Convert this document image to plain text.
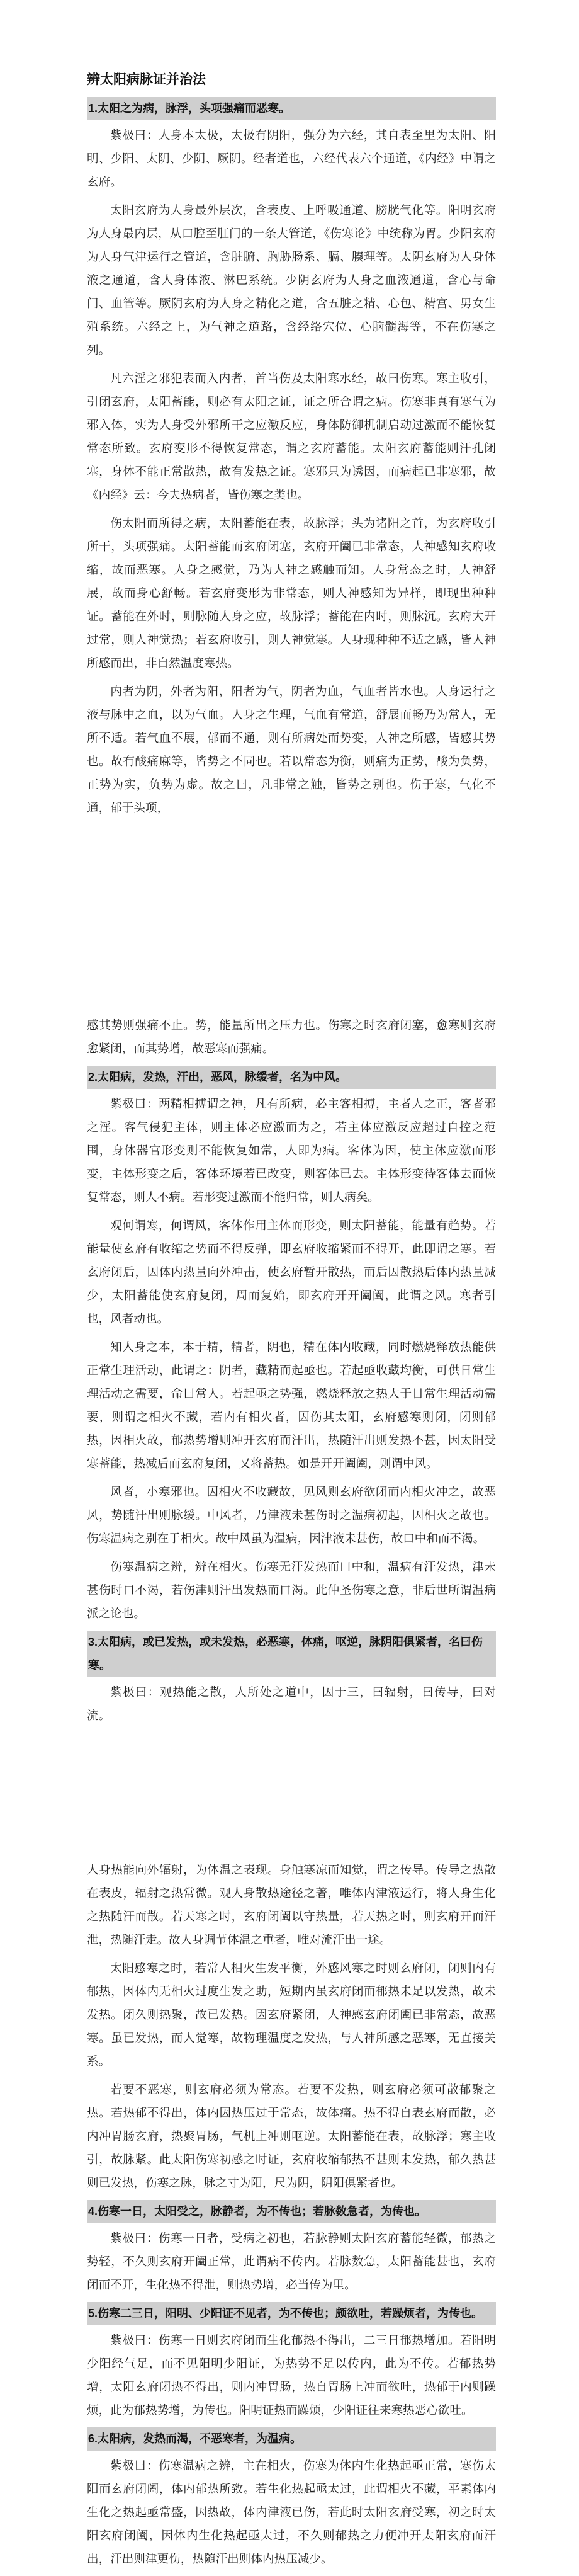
辨太阳病脉证并治法
1.太阳之为病，脉浮，头项强痛而恶寒。

紫极曰：人身本太极，太极有阴阳，强分为六经，其自表至里为太阳、阳明、少阳、太阴、少阴、厥阴。经者道也，六经代表六个通道，《内经》中谓之玄府。

太阳玄府为人身最外层次，含表皮、上呼吸通道、膀胱气化等。阳明玄府为人身最内层，从口腔至肛门的一条大管道，《伤寒论》中统称为胃。少阳玄府为人身气津运行之管道，含脏腑、胸胁肠系、膈、腠理等。太阴玄府为人身体液之通道，含人身体液、淋巴系统。少阴玄府为人身之血液通道，含心与命门、血管等。厥阴玄府为人身之精化之道，含五脏之精、心包、精宫、男女生殖系统。六经之上，为气神之道路，含经络穴位、心脑髓海等，不在伤寒之列。

凡六淫之邪犯表而入内者，首当伤及太阳寒水经，故曰伤寒。寒主收引，引闭玄府，太阳蓄能，则必有太阳之证，证之所合谓之病。伤寒非真有寒气为邪入体，实为人身受外邪所干之应激反应，身体防御机制启动过激而不能恢复常态所致。玄府变形不得恢复常态，谓之玄府蓄能。太阳玄府蓄能则汗孔闭塞，身体不能正常散热，故有发热之证。寒邪只为诱因，而病起已非寒邪，故《内经》云：今夫热病者，皆伤寒之类也。

伤太阳而所得之病，太阳蓄能在表，故脉浮；头为诸阳之首，为玄府收引所干，头项强痛。太阳蓄能而玄府闭塞，玄府开阖已非常态，人神感知玄府收缩，故而恶寒。人身之感觉，乃为人神之感触而知。人身常态之时，人神舒展，故而身心舒畅。若玄府变形为非常态，则人神感知为异样，即现出种种证。蓄能在外时，则脉随人身之应，故脉浮；蓄能在内时，则脉沉。玄府大开过常，则人神觉热；若玄府收引，则人神觉寒。人身现种种不适之感，皆人神所感而出，非自然温度寒热。

内者为阴，外者为阳，阳者为气，阴者为血，气血者皆水也。人身运行之液与脉中之血，以为气血。人身之生理，气血有常道，舒展而畅乃为常人，无所不适。若气血不展，郁而不通，则有所病处而势变，人神之所感，皆感其势也。故有酸痛麻等，皆势之不同也。若以常态为衡，则痛为正势，酸为负势，正势为实，负势为虚。故之曰，凡非常之触，皆势之别也。伤于寒，气化不通，郁于头项，

感其势则强痛不止。势，能量所出之压力也。伤寒之时玄府闭塞，愈寒则玄府愈紧闭，而其势增，故恶寒而强痛。

2.太阳病，发热，汗出，恶风，脉缓者，名为中风。

紫极曰：两精相搏谓之神，凡有所病，必主客相搏，主者人之正，客者邪之淫。客气侵犯主体，则主体必应激而为之，若主体应激反应超过自控之范围，身体器官形变则不能恢复如常，人即为病。客体为因，使主体应激而形变，主体形变之后，客体环境若已改变，则客体已去。主体形变待客体去而恢复常态，则人不病。若形变过激而不能归常，则人病矣。

观何谓寒，何谓风，客体作用主体而形变，则太阳蓄能，能量有趋势。若能量使玄府有收缩之势而不得反弹，即玄府收缩紧而不得开，此即谓之寒。若玄府闭后，因体内热量向外冲击，使玄府暂开散热，而后因散热后体内热量减少，太阳蓄能使玄府复闭，周而复始，即玄府开开阖阖，此谓之风。寒者引也，风者动也。

知人身之本，本于精，精者，阴也，精在体内收藏，同时燃烧释放热能供正常生理活动，此谓之：阴者，藏精而起亟也。若起亟收藏均衡，可供日常生理活动之需要，命曰常人。若起亟之势强，燃烧释放之热大于日常生理活动需要，则谓之相火不藏，若内有相火者，因伤其太阳，玄府感寒则闭，闭则郁热，因相火故，郁热势增则冲开玄府而汗出，热随汗出则发热不甚，因太阳受寒蓄能，热减后而玄府复闭，又将蓄热。如是开开阖阖，则谓中风。

风者，小寒邪也。因相火不收藏故，见风则玄府欲闭而内相火冲之，故恶风，势随汗出则脉缓。中风者，乃津液未甚伤时之温病初起，因相火之故也。伤寒温病之别在于相火。故中风虽为温病，因津液未甚伤，故口中和而不渴。

伤寒温病之辨，辨在相火。伤寒无汗发热而口中和，温病有汗发热，津未甚伤时口不渴，若伤津则汗出发热而口渴。此仲圣伤寒之意，非后世所谓温病派之论也。

3.太阳病，或已发热，或未发热，必恶寒，体痛，呕逆，脉阴阳俱紧者，名曰伤寒。

紫极曰：观热能之散，人所处之道中，因于三，曰辐射，曰传导，曰对流。

人身热能向外辐射，为体温之表现。身触寒凉而知觉，谓之传导。传导之热散在表皮，辐射之热常微。观人身散热途径之著，唯体内津液运行，将人身生化之热随汗而散。若天寒之时，玄府闭阖以守热量，若天热之时，则玄府开而汗泄，热随汗走。故人身调节体温之重者，唯对流汗出一途。

太阳感寒之时，若常人相火生发平衡，外感风寒之时则玄府闭，闭则内有郁热，因体内无相火过度生发之助，短期内虽玄府闭而郁热未足以发热，故未发热。闭久则热聚，故已发热。因玄府紧闭，人神感玄府闭阖已非常态，故恶寒。虽已发热，而人觉寒，故物理温度之发热，与人神所感之恶寒，无直接关系。

若要不恶寒，则玄府必须为常态。若要不发热，则玄府必须可散郁聚之热。若热郁不得出，体内因热压过于常态，故体痛。热不得自表玄府而散，必内冲胃肠玄府，热聚胃肠，气机上冲则呕逆。太阳蓄能在表，故脉浮；寒主收引，故脉紧。此太阳伤寒初感之时证，玄府收缩郁热不甚则未发热，郁久热甚则已发热，伤寒之脉，脉之寸为阳，尺为阴，阴阳俱紧者也。

4.伤寒一日，太阳受之，脉静者，为不传也；若脉数急者，为传也。

紫极曰：伤寒一日者，受病之初也，若脉静则太阳玄府蓄能轻微，郁热之势轻，不久则玄府开阖正常，此谓病不传内。若脉数急，太阳蓄能甚也，玄府闭而不开，生化热不得泄，则热势增，必当传为里。

5.伤寒二三日，阳明、少阳证不见者，为不传也；颇欲吐，若躁烦者，为传也。

紫极曰：伤寒一日则玄府闭而生化郁热不得出，二三日郁热增加。若阳明少阳经气足，而不见阳明少阳证，为热势不足以传内，此为不传。若郁热势增，太阳玄府闭热不得出，则内冲胃肠，热自胃肠上冲而欲吐，热郁于内则躁烦，此为郁热势增，为传也。阳明证热而躁烦，少阳证往来寒热恶心欲吐。

6.太阳病，发热而渴，不恶寒者，为温病。

紫极曰：伤寒温病之辨，主在相火，伤寒为体内生化热起亟正常，寒伤太阳而玄府闭阖，体内郁热所致。若生化热起亟太过，此谓相火不藏，平素体内生化之热起亟常盛，因热故，体内津液已伤，若此时太阳玄府受寒，初之时太阳玄府闭阖，因体内生化热起亟太过，不久则郁热之力便冲开太阳玄府而汗出，汗出则津更伤，热随汗出则体内热压减少。
